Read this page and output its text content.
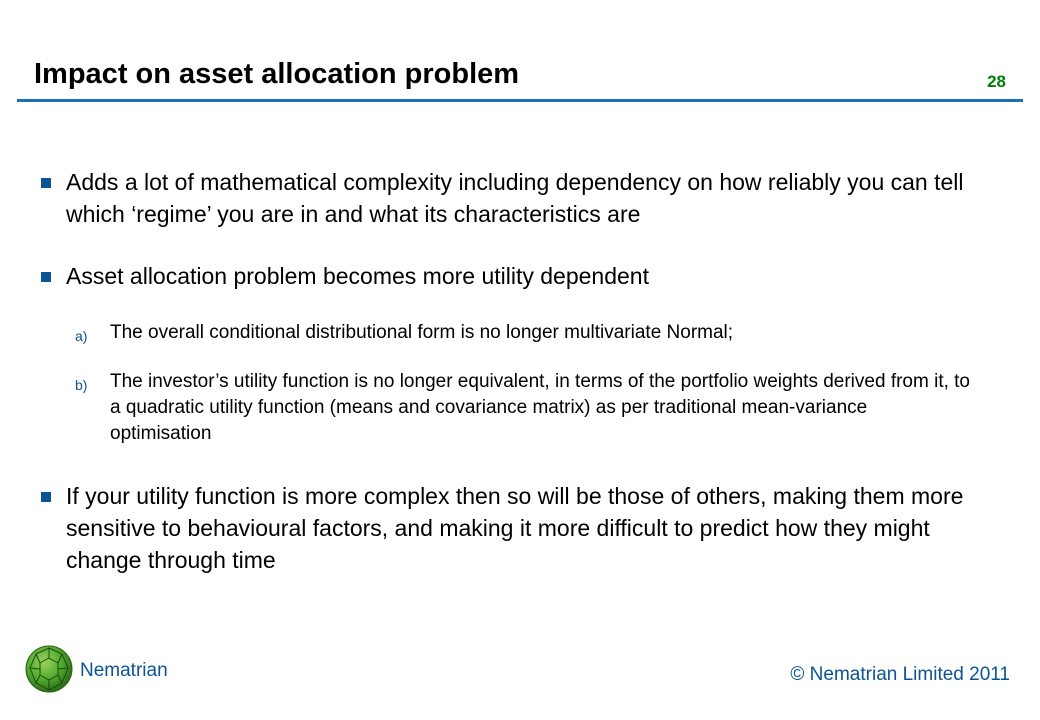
Impact on asset allocation problem	28
Adds a lot of mathematical complexity including dependency on how reliably you can tell which ‘regime’ you are in and what its characteristics are
Asset allocation problem becomes more utility dependent
a) The overall conditional distributional form is no longer multivariate Normal;
b) The investor’s utility function is no longer equivalent, in terms of the portfolio weights derived from it, to a quadratic utility function (means and covariance matrix) as per traditional mean-variance optimisation
If your utility function is more complex then so will be those of others, making them more sensitive to behavioural factors, and making it more difficult to predict how they might change through time
Nematrian	© Nematrian Limited 2011
